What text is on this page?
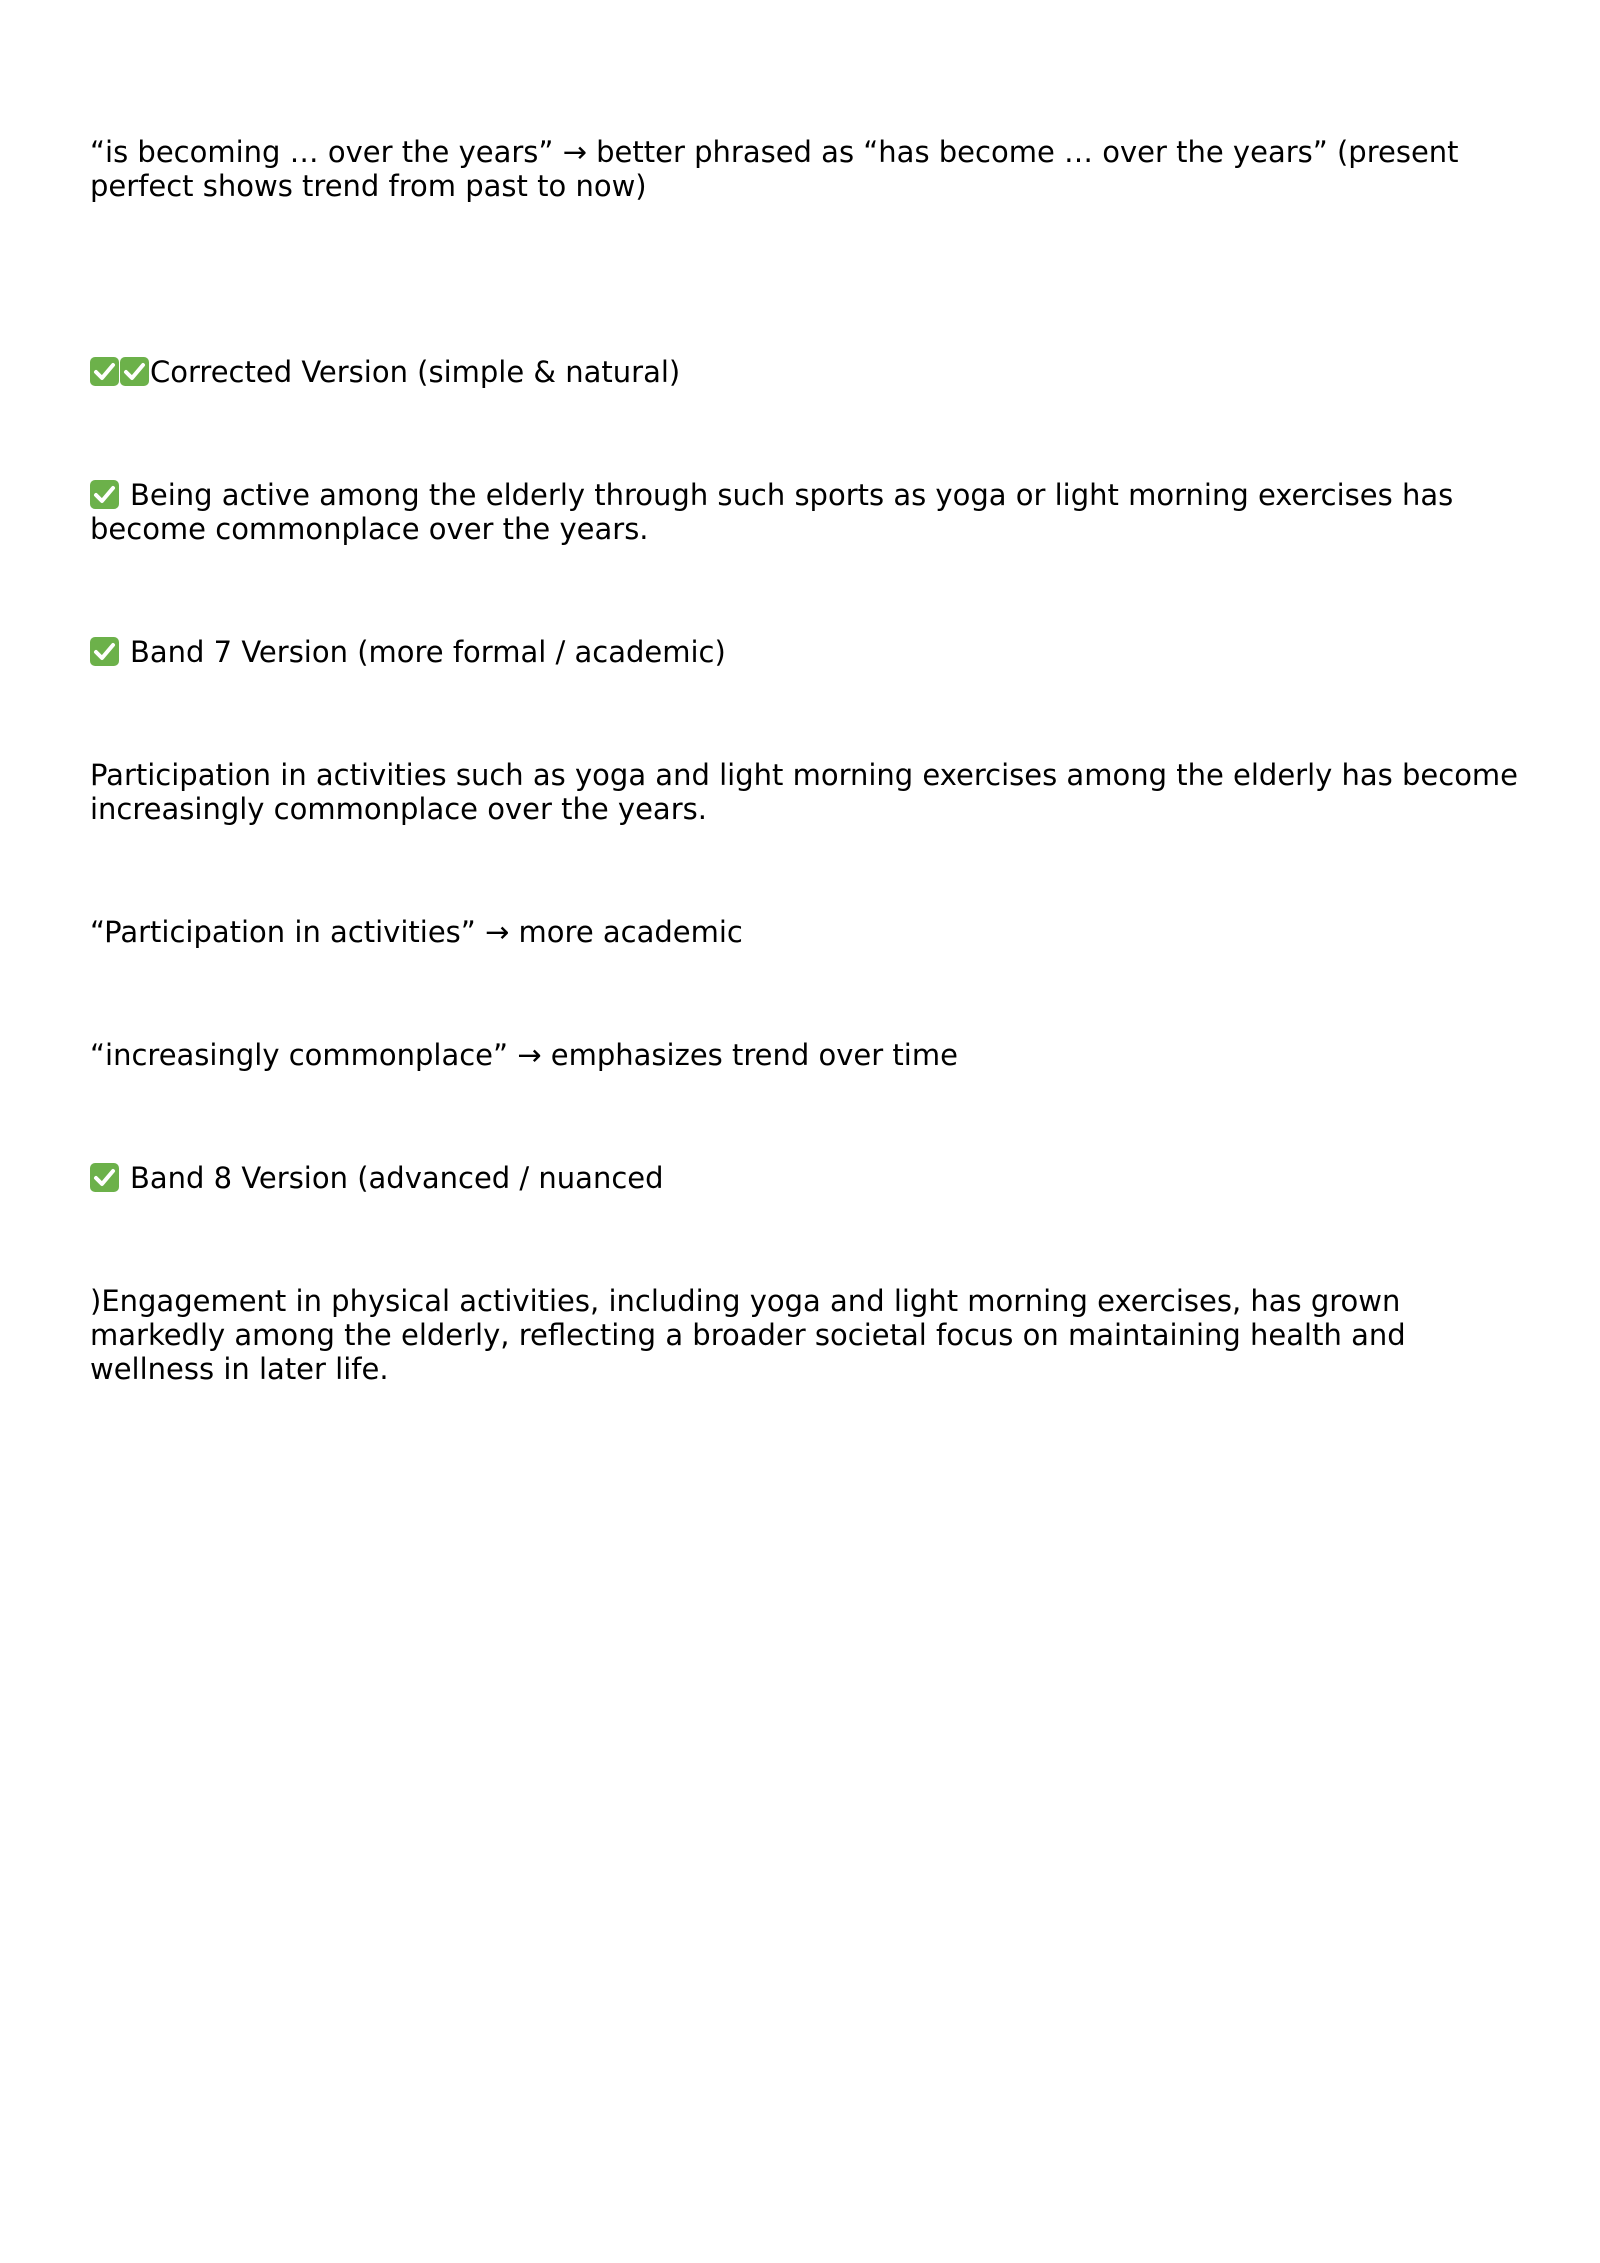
“is becoming … over the years” → better phrased as “has become … over the years” (present perfect shows trend from past to now)
Corrected Version (simple & natural)
Being active among the elderly through such sports as yoga or light morning exercises has become commonplace over the years.
Band 7 Version (more formal / academic)
Participation in activities such as yoga and light morning exercises among the elderly has become increasingly commonplace over the years.
“Participation in activities” → more academic
“increasingly commonplace” → emphasizes trend over time
Band 8 Version (advanced / nuanced
)Engagement in physical activities, including yoga and light morning exercises, has grown markedly among the elderly, reflecting a broader societal focus on maintaining health and wellness in later life.
